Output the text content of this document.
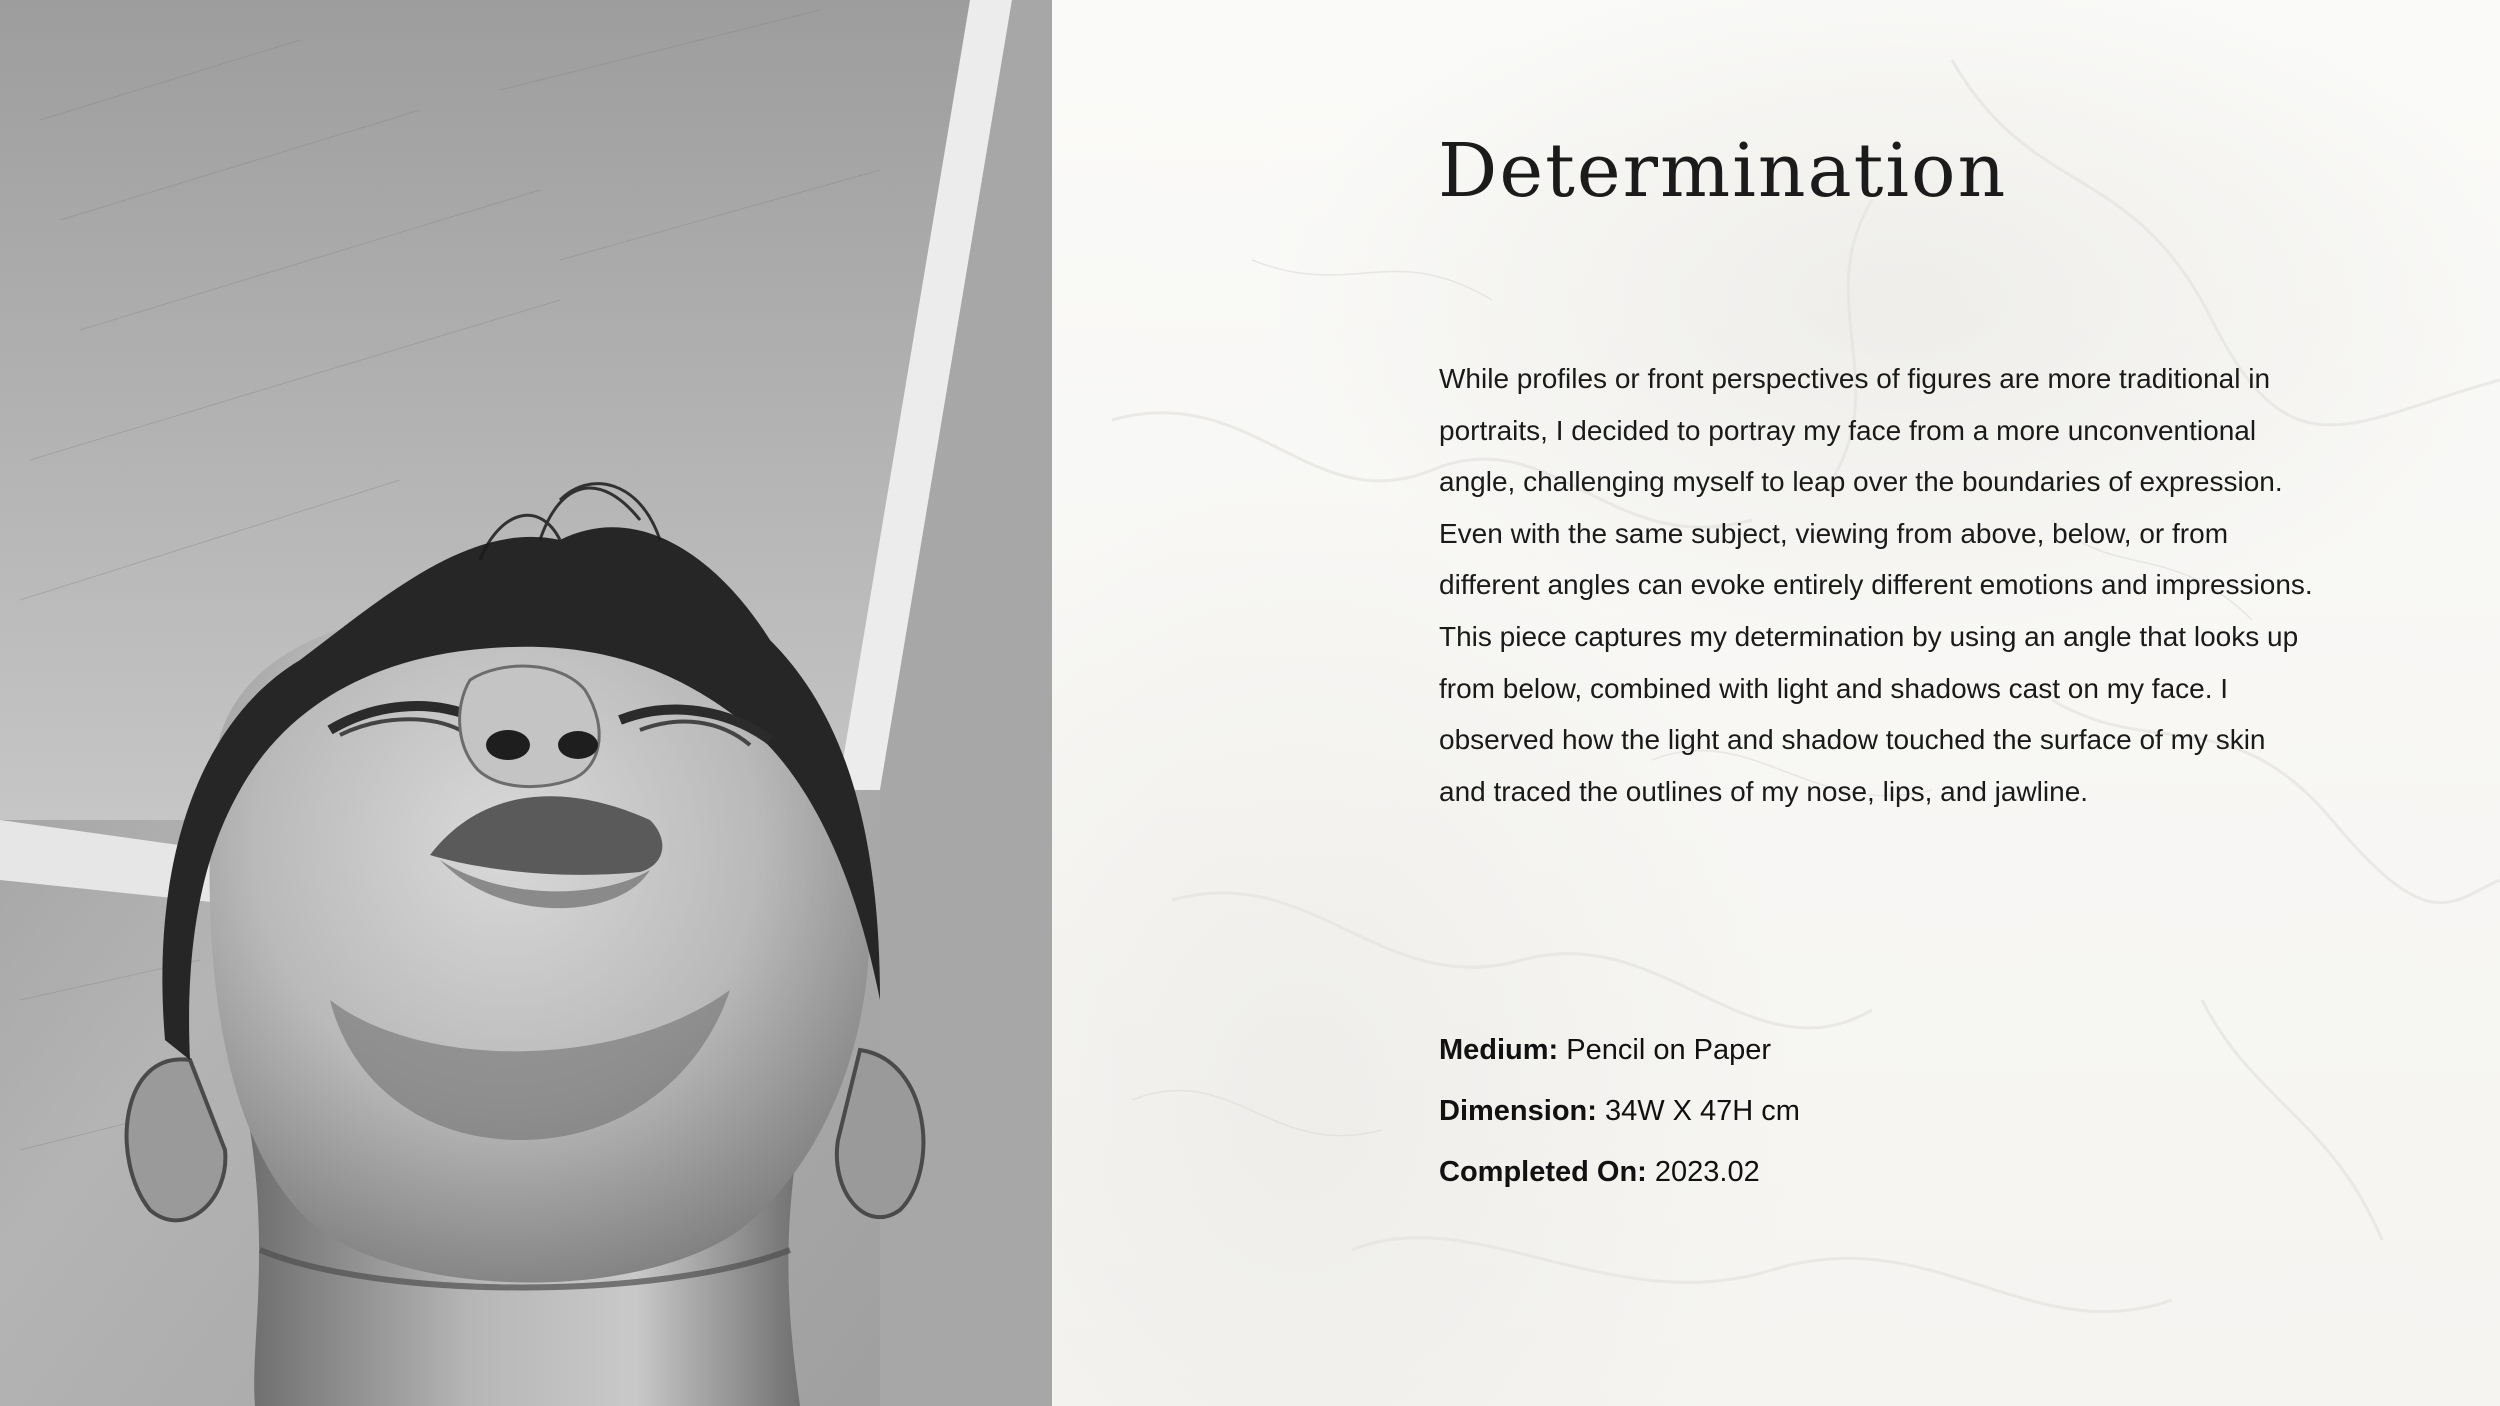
Determination

While profiles or front perspectives of figures are more traditional in portraits, I decided to portray my face from a more unconventional angle, challenging myself to leap over the boundaries of expression. Even with the same subject, viewing from above, below, or from different angles can evoke entirely different emotions and impressions. This piece captures my determination by using an angle that looks up from below, combined with light and shadows cast on my face. I observed how the light and shadow touched the surface of my skin and traced the outlines of my nose, lips, and jawline.

Medium: Pencil on Paper
Dimension: 34W X 47H cm
Completed On: 2023.02
